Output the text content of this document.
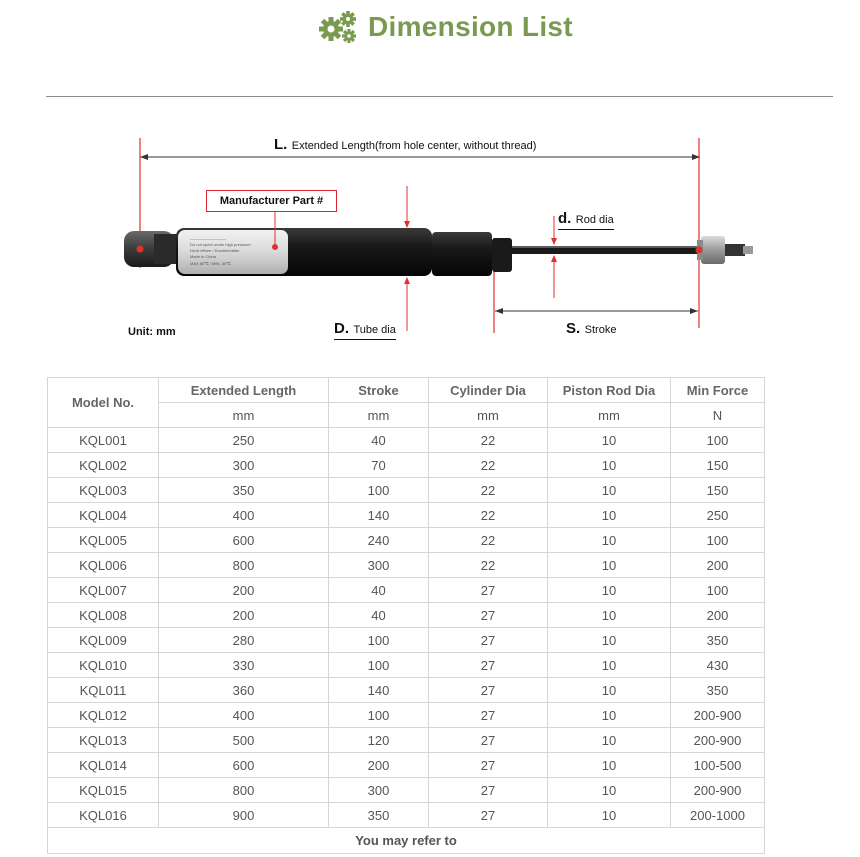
Dimension List
—————————
Do not open/ under high pressure!
Nicht öffnen / Druckbehälter
Made in China
MAX 80℃ / MIN -30℃
L. Extended Length(from hole center, without thread)
Manufacturer Part #
d. Rod dia
D. Tube dia	S. Stroke
Unit: mm
Model No.	Extended Length	Stroke	Cylinder Dia	Piston Rod Dia	Min Force
	mm	mm	mm	mm	N
KQL001	250	40	22	10	100
KQL002	300	70	22	10	150
KQL003	350	100	22	10	150
KQL004	400	140	22	10	250
KQL005	600	240	22	10	100
KQL006	800	300	22	10	200
KQL007	200	40	27	10	100
KQL008	200	40	27	10	200
KQL009	280	100	27	10	350
KQL010	330	100	27	10	430
KQL011	360	140	27	10	350
KQL012	400	100	27	10	200-900
KQL013	500	120	27	10	200-900
KQL014	600	200	27	10	100-500
KQL015	800	300	27	10	200-900
KQL016	900	350	27	10	200-1000
You may refer to					
